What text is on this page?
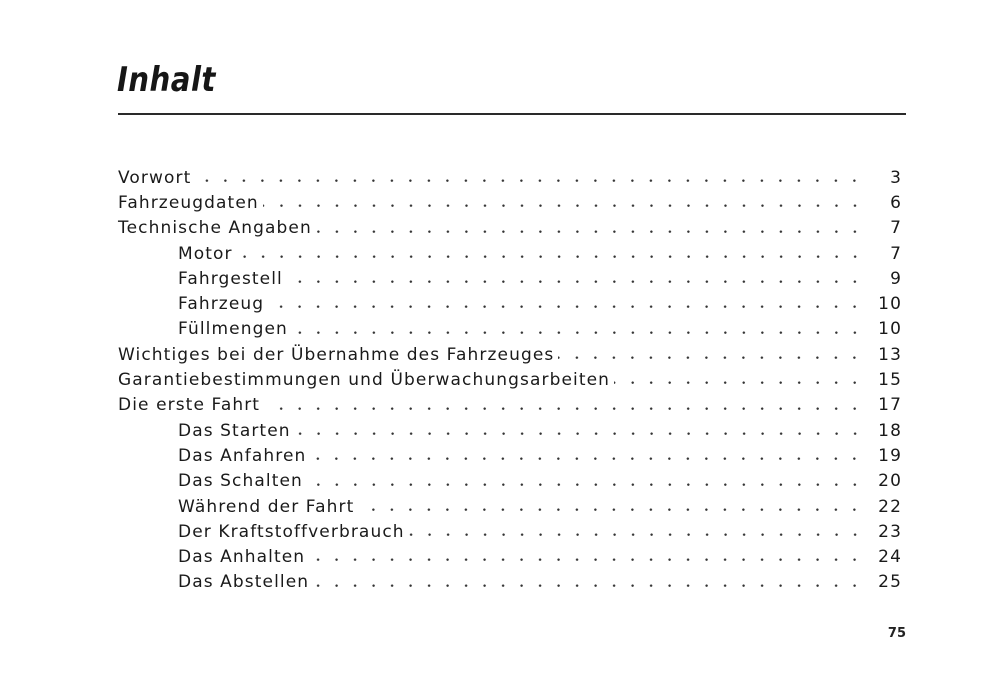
Inhalt
Vorwort	3
Fahrzeugdaten	6
Technische Angaben	7
Motor	7
Fahrgestell	9
Fahrzeug	10
Füllmengen	10
Wichtiges bei der Übernahme des Fahrzeuges	13
Garantiebestimmungen und Überwachungsarbeiten	15
Die erste Fahrt	17
Das Starten	18
Das Anfahren	19
Das Schalten	20
Während der Fahrt	22
Der Kraftstoffverbrauch	23
Das Anhalten	24
Das Abstellen	25
75
